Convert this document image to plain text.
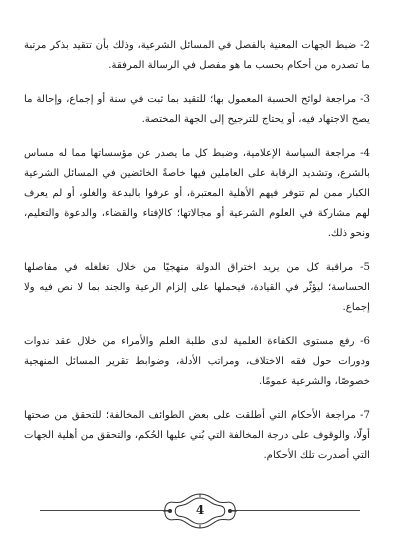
2- ضبط الجهات المعنية بالفصل في المسائل الشرعية، وذلك بأن تتقيد بذكر مرتبة ما تصدره من أحكام بحسب ما هو مفصل في الرسالة المرفقة.

3- مراجعة لوائح الحسبة المعمول بها؛ للتقيد بما ثبت في سنة أو إجماع، وإحالة ما يصح الاجتهاد فيه، أو يحتاج للترجيح إلى الجهة المختصة.

4- مراجعة السياسة الإعلامية، وضبط كل ما يصدر عن مؤسساتها مما له مساس بالشرع، وتشديد الرقابة على العاملين فيها خاصةً الخائضين في المسائل الشرعية الكبار ممن لم تتوفر فيهم الأهلية المعتبرة، أو عرفوا بالبدعة والغلو، أو لم يعرف لهم مشاركة في العلوم الشرعية أو مجالاتها؛ كالإفتاء والقضاء، والدعوة والتعليم، ونحو ذلك.

5- مراقبة كل من يريد اختراق الدولة منهجيًا من خلال تغلغله في مفاصلها الحساسة؛ ليؤثّر في القيادة، فيحملها على إلزام الرعية والجند بما لا نص فيه ولا إجماع.

6- رفع مستوى الكفاءة العلمية لدى طلبة العلم والأمراء من خلال عقد ندوات ودورات حول فقه الاختلاف، ومراتب الأدلة، وضوابط تقرير المسائل المنهجية خصوصًا، والشرعية عمومًا.

7- مراجعة الأحكام التي أطلقت على بعض الطوائف المخالفة؛ للتحقق من صحتها أولًا، والوقوف على درجة المخالفة التي بُني عليها الحُكم، والتحقق من أهلية الجهات التي أصدرت تلك الأحكام.

4
